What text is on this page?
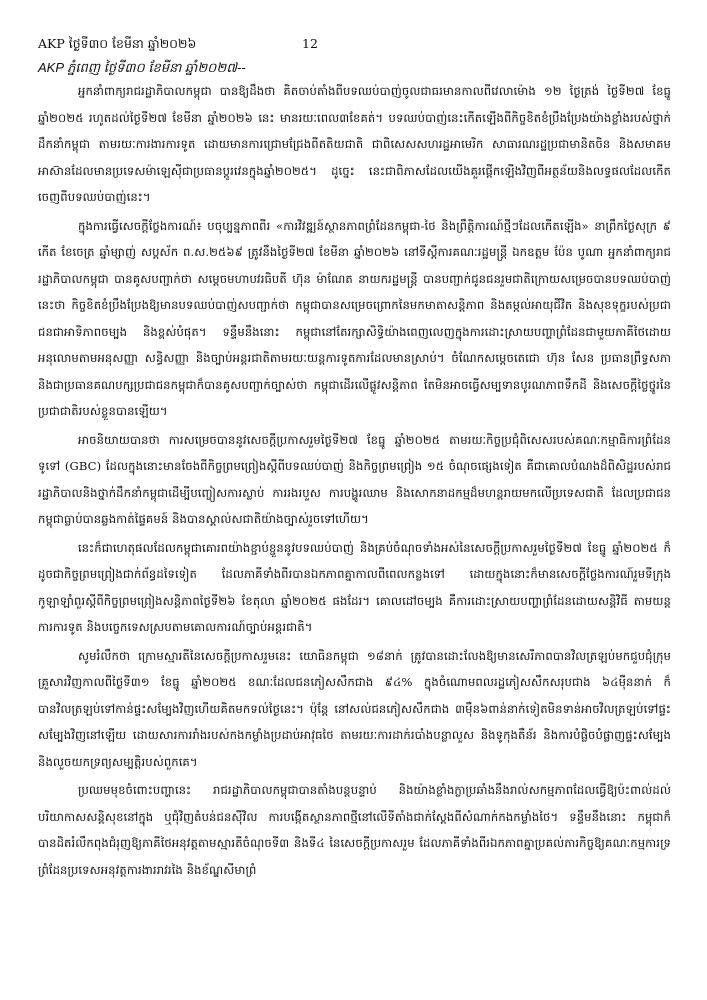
AKP ថ្ងៃទី៣០ ខែមីនា ឆ្នាំ២០២៦	12
AKP ភ្នំពេញ ថ្ងៃទី៣០ ខែមីនា ឆ្នាំ២០២៧--

អ្នកនាំពាក្យរាជរដ្ឋាភិបាលកម្ពុជា បានឱ្យដឹងថា គិតចាប់តាំងពីបទឈប់បាញ់ចូលជាធរមានកាលពីវេលាម៉ោង ១២ ថ្ងៃត្រង់ ថ្ងៃទី២៧ ខែធ្នូ ឆ្នាំ២០២៥ រហូតដល់ថ្ងៃទី២៧ ខែមីនា ឆ្នាំ២០២៦ នេះ មានរយៈពេល៣ខែគត់។ បទឈប់បាញ់នេះកើតឡើងពីកិច្ចខិតខំប្រឹងប្រែងយ៉ាងខ្លាំងរបស់ថ្នាក់ដឹកនាំកម្ពុជា តាមរយៈការងារការទូត ដោយមានការជ្រោមជ្រែងពីតតិយជាតិ ជាពិសេសសហរដ្ឋអាមេរិក សាធារណរដ្ឋប្រជាមានិតចិន និងសមាគមអាស៊ានដែលមានប្រទេសម៉ាឡេស៊ីជាប្រធានប្តូរវេនក្នុងឆ្នាំ២០២៥។ ដូច្នេះ នេះជាពិភាសដែលយើងគួរផ្តើកឡើងវិញពីអត្ថន័យនិងលទ្ធផលដែលកើតចេញពីបទឈប់បាញ់នេះ។

ក្នុងការធ្វើសេចក្តីថ្លែងការណ៍៖ បចុប្បន្នភាពពីរ «ការវិវឌ្ឍន៍ស្ថានភាពព្រំដែនកម្ពុជា-ថៃ និងព្រឹត្តិការណ៍ថ្មីៗដែលកើតឡើង» នាព្រឹកថ្ងៃសុក្រ ៩ កើត ខែចេត្រ ឆ្នាំម្សាញ់ សប្តស័ក ព.ស.២៥៦៩ ត្រូវនឹងថ្ងៃទី២៧ ខែមីនា ឆ្នាំ២០២៦ នៅទីស្តីការគណៈរដ្ឋមន្ត្រី ឯកឧត្តម ប៉ែន បូណា អ្នកនាំពាក្យរាជរដ្ឋាភិបាលកម្ពុជា បានគូសបញ្ជាក់ថា សម្តេចមហាបវរធិបតី ហ៊ុន ម៉ាណែត នាយករដ្ឋមន្ត្រី បានបញ្ជាក់ជូនជនរួមជាតិក្រោយសម្រេចបានបទឈប់បាញ់នេះថា កិច្ចខិតខំប្រឹងប្រែងឱ្យមានបទឈប់បាញ់សបញ្ជាក់ថា កម្ពុជាបានសម្រេចព្រោកនៃមកមាតាសន្តិភាព និងតម្កល់អាយុជីវិត និងសុខទុក្ខរបស់ប្រជាជនជាអាទិភាពចម្បង និងខ្ពស់បំផុត។ ទន្ទឹមនឹងនោះ កម្ពុជានៅតែរក្សាសិទ្ធិយ៉ាងពេញលេញក្នុងការដោះស្រាយបញ្ហាព្រំដែនជាមួយភាគីថៃដោយអនុលោមតាមអនុសញ្ញា សន្ធិសញ្ញា និងច្បាប់អន្តរជាតិតាមរយៈយន្តការទូតការដែលមានស្រាប់។ ចំណែកសម្តេចតេជោ ហ៊ុន សែន ប្រធានព្រឹទ្ធសភា និងជាប្រធានគណបក្សប្រជាជនកម្ពុជាក៏បានគូសបញ្ជាក់ច្បាស់ថា កម្ពុជាដើរលើផ្លូវសន្តិភាព តែមិនអាចធ្វើសម្បទានបូរណភាពទឹកដី និងសេចក្តីថ្លៃថ្នូរនៃប្រជាជាតិរបស់ខ្លួនបានឡើយ។

អាចនិយាយបានថា ការសម្រេចបាននូវសេចក្តីប្រកាសរួមថ្ងៃទី២៧ ខែធ្នូ ឆ្នាំ២០២៥ តាមរយៈកិច្ចប្រជុំពិសេសរបស់គណៈកម្មាធិការព្រំដែនទូទៅ (GBC) ដែលក្នុងនោះមានចែងពីកិច្ចព្រមព្រៀងស្តីពីបទឈប់បាញ់ និងកិច្ចព្រមព្រៀង ១៥ ចំណុចផ្សេងទៀត គឺជាគោលបំណងដ៏ពិសិដ្ឋរបស់រាជរដ្ឋាភិបាលនិងថ្នាក់ដឹកនាំកម្ពុជាដើម្បីបញ្ចៀសការស្លាប់ ការរងរបួស ការបង្ហូរឈាម និងសោកនាដកម្មដ៏មហន្តរាយមកលើប្រទេសជាតិ ដែលប្រជាជនកម្ពុជាធ្លាប់បានឆ្លងកាត់ផ្ទៃគមន៍ និងបានស្គាល់សជាតិយ៉ាងច្បាស់រួចទៅហើយ។

នេះក៏ជាហេតុផលដែលកម្ពុជាគោរពយ៉ាងខ្ជាប់ខ្ជួននូវបទឈប់បាញ់ និងគ្រប់ចំណុចទាំងអស់នៃសេចក្តីប្រកាសរួមថ្ងៃទី២៧ ខែធ្នូ ឆ្នាំ២០២៥ ក៏ដូចជាកិច្ចព្រមព្រៀងជាក់ព័ន្ធដទៃទៀត ដែលភាគីទាំងពីរបានឯកភាពគ្នាកាលពីពេលកន្លងទៅ ដោយក្នុងនោះក៏មានសេចក្តីថ្លែងការណ៍រួមទីក្រុងកូឡាឡាំពួរស្តីពីកិច្ចព្រមព្រៀងសន្តិភាពថ្ងៃទី២៦ ខែតុលា ឆ្នាំ២០២៥ ផងដែរ។ គោលដៅចម្បង គឺការដោះស្រាយបញ្ហាព្រំដែនដោយសន្តិវិធី តាមយន្តការការទូត និងបច្ចេកទេសស្របតាមគោលការណ៍ច្បាប់អន្តរជាតិ។

សូមរំលឹកថា ក្រោមស្មារតីនៃសេចក្តីប្រកាសរួមនេះ យោធិនកម្ពុជា ១៨នាក់ ត្រូវបានដោះលែងឱ្យមានសេរីភាពបានវិលត្រឡប់មកជួបជុំក្រុមគ្រួសារវិញកាលពីថ្ងៃទី៣១ ខែធ្នូ ឆ្នាំ២០២៥ ខណៈដែលជនភៀសសឹកជាង ៩៤% ក្នុងចំណោមពលរដ្ឋភៀសសឹកសរុបជាង ៦៤ម៉ឺននាក់ ក៏បានវិលត្រឡប់ទៅកាន់ផ្ទះសម្បែងវិញហើយគិតមកទល់ថ្ងៃនេះ។ ប៉ុន្តែ នៅសល់ជនភៀសសឹកជាង ៣ម៉ឺន៦ពាន់នាក់ទៀតមិនទាន់អាចវិលត្រឡប់ទៅផ្ទះសម្បែងវិញនៅឡើយ ដោយសារការរាំងរបស់កងកម្លាំងប្រដាប់អាវុធថៃ តាមរយៈការដាក់របាំងបន្លាលួស និងទូកុងតឺន័រ និងការបំផ្លិចបំផ្លាញផ្ទះសម្បែង និងលួចយកទ្រព្យសម្បត្តិរបស់ពួកគេ។

ប្រឈមមុខចំពោះបញ្ហានេះ រាជរដ្ឋាភិបាលកម្ពុជាបានតាំងបន្តបន្ទាប់ និងយ៉ាងខ្លាំងក្លាប្រឆាំងនឹងរាល់សកម្មភាពដែលធ្វើឱ្យប៉ះពាល់ដល់បរិយាកាសសន្តិសុខនៅក្នុង ឬជុំវិញតំបន់ជនស៊ីវិល ការបង្កើតស្ថានភាពថ្មីនៅលើទីតាំងជាក់ស្តែងពីសំណាក់កងកម្លាំងថៃ។ ទន្ទឹមនឹងនោះ កម្ពុជាក៏បានដិតរំលឹកពុងជំរុញឱ្យភាគីថៃអនុវត្តតាមស្មារតីចំណុចទី៣ និងទី៤ នៃសេចក្តីប្រកាសរួម ដែលភាគីទាំងពីរឯកភាពគ្នាប្រគល់ភារកិច្ចឱ្យគណៈកម្មការទ្រព្រំដែនប្រទេសអនុវត្តការងាររាវរងៃ និងខ័ណ្ឌសីមាព្រំ
